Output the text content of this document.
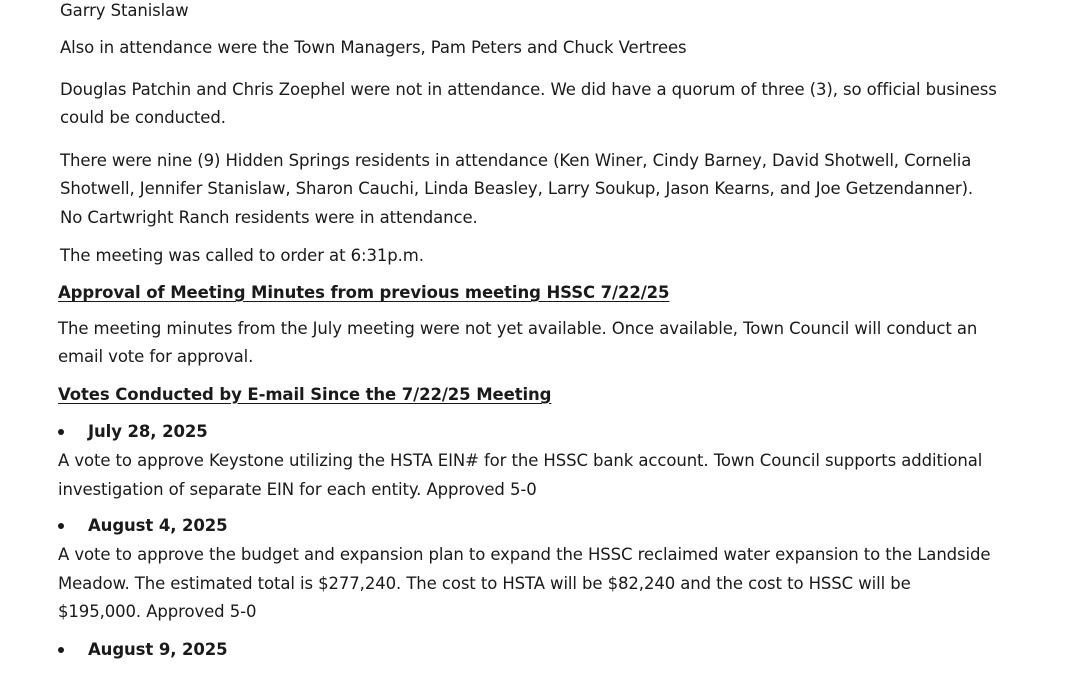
Garry Stanislaw
Also in attendance were the Town Managers, Pam Peters and Chuck Vertrees
Douglas Patchin and Chris Zoephel were not in attendance. We did have a quorum of three (3), so official business
could be conducted.
There were nine (9) Hidden Springs residents in attendance (Ken Winer, Cindy Barney, David Shotwell, Cornelia
Shotwell, Jennifer Stanislaw, Sharon Cauchi, Linda Beasley, Larry Soukup, Jason Kearns, and Joe Getzendanner).
No Cartwright Ranch residents were in attendance.
The meeting was called to order at 6:31p.m.
Approval of Meeting Minutes from previous meeting HSSC 7/22/25
The meeting minutes from the July meeting were not yet available. Once available, Town Council will conduct an
email vote for approval.
Votes Conducted by E-mail Since the 7/22/25 Meeting
July 28, 2025
A vote to approve Keystone utilizing the HSTA EIN# for the HSSC bank account. Town Council supports additional
investigation of separate EIN for each entity. Approved 5-0
August 4, 2025
A vote to approve the budget and expansion plan to expand the HSSC reclaimed water expansion to the Landside
Meadow. The estimated total is $277,240. The cost to HSTA will be $82,240 and the cost to HSSC will be
$195,000. Approved 5-0
August 9, 2025
